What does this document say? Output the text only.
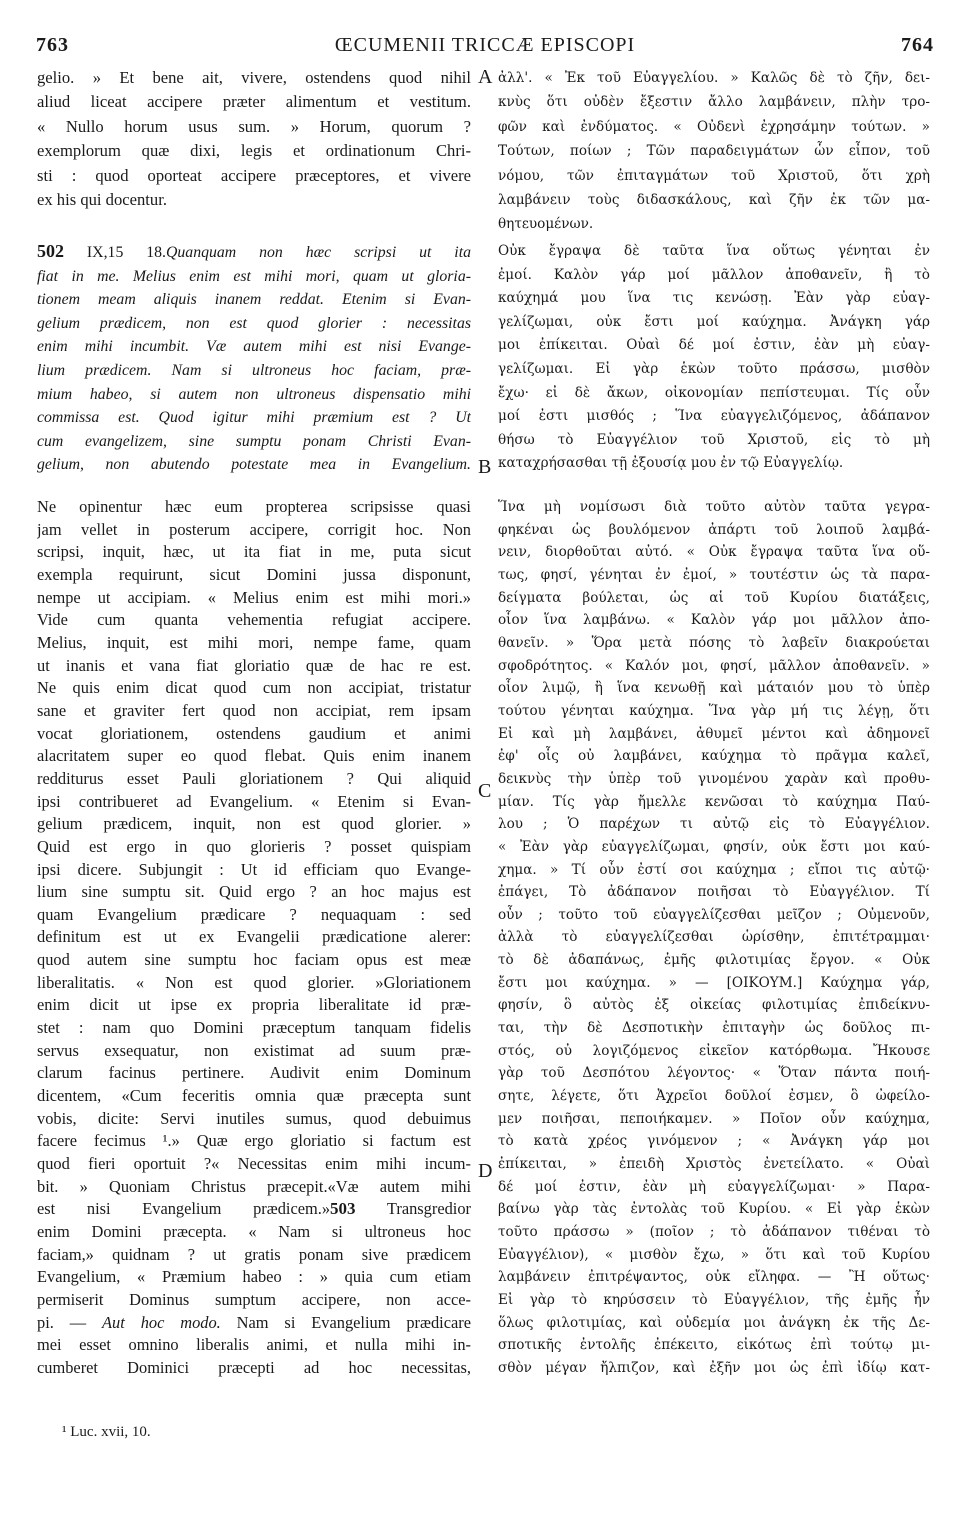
763	ŒCUMENII TRICCÆ EPISCOPI	764
gelio. » Et bene ait, vivere, ostendens quod nihil
aliud liceat accipere præter alimentum et vestitum.
« Nullo horum usus sum. » Horum, quorum ?
exemplorum quæ dixi, legis et ordinationum Chri-
sti : quod oporteat accipere præceptores, et vivere
ex his qui docentur.
502 IX,15 18.Quanquam non hæc scripsi ut ita
fiat in me. Melius enim est mihi mori, quam ut gloria-
tionem meam aliquis inanem reddat. Etenim si Evan-
gelium prædicem, non est quod glorier : necessitas
enim mihi incumbit. Væ autem mihi est nisi Evange-
lium prædicem. Nam si ultroneus hoc faciam, præ-
mium habeo, si autem non ultroneus dispensatio mihi
commissa est. Quod igitur mihi præmium est ? Ut
cum evangelizem, sine sumptu ponam Christi Evan-
gelium, non abutendo potestate mea in Evangelium.
Ne opinentur hæc eum propterea scripsisse quasi
jam vellet in posterum accipere, corrigit hoc. Non
scripsi, inquit, hæc, ut ita fiat in me, puta sicut
exempla requirunt, sicut Domini jussa disponunt,
nempe ut accipiam. « Melius enim est mihi mori.»
Vide cum quanta vehementia refugiat accipere.
Melius, inquit, est mihi mori, nempe fame, quam
ut inanis et vana fiat gloriatio quæ de hac re est.
Ne quis enim dicat quod cum non accipiat, tristatur
sane et graviter fert quod non accipiat, rem ipsam
vocat gloriationem, ostendens gaudium et animi
alacritatem super eo quod flebat. Quis enim inanem
redditurus esset Pauli gloriationem ? Qui aliquid
ipsi contribueret ad Evangelium. « Etenim si Evan-
gelium prædicem, inquit, non est quod glorier. »
Quid est ergo in quo glorieris ? posset quispiam
ipsi dicere. Subjungit : Ut id efficiam quo Evange-
lium sine sumptu sit. Quid ergo ? an hoc majus est
quam Evangelium prædicare ? nequaquam : sed
definitum est ut ex Evangelii prædicatione alerer:
quod autem sine sumptu hoc faciam opus est meæ
liberalitatis. « Non est quod glorier. »Gloriationem
enim dicit ut ipse ex propria liberalitate id præ-
stet : nam quo Domini præceptum tanquam fidelis
servus exsequatur, non existimat ad suum præ-
clarum facinus pertinere. Audivit enim Dominum
dicentem, «Cum feceritis omnia quæ præcepta sunt
vobis, dicite: Servi inutiles sumus, quod debuimus
facere fecimus ¹.» Quæ ergo gloriatio si factum est
quod fieri oportuit ?« Necessitas enim mihi incum-
bit. » Quoniam Christus præcepit.«Væ autem mihi
est nisi Evangelium prædicem.»503 Transgredior
enim Domini præcepta. « Nam si ultroneus hoc
faciam,» quidnam ? ut gratis ponam sive prædicem
Evangelium, « Præmium habeo : » quia cum etiam
permiserit Dominus sumptum accipere, non acce-
pi. — Aut hoc modo. Nam si Evangelium prædicare
mei esset omnino liberalis animi, et nulla mihi in-
cumberet Dominici præcepti ad hoc necessitas,
ἀλλ'. « Ἐκ τοῦ Εὐαγγελίου. » Καλῶς δὲ τὸ ζῆν, δει-
κνὺς ὅτι οὐδὲν ἔξεστιν ἄλλο λαμβάνειν, πλὴν τρο-
φῶν καὶ ἐνδύματος. « Οὐδενὶ ἐχρησάμην τούτων. »
Τούτων, ποίων ; Τῶν παραδειγμάτων ὧν εἶπον, τοῦ
νόμου, τῶν ἐπιταγμάτων τοῦ Χριστοῦ, ὅτι χρὴ
λαμβάνειν τοὺς διδασκάλους, καὶ ζῆν ἐκ τῶν μα-
θητευομένων.
Οὐκ ἔγραψα δὲ ταῦτα ἵνα οὕτως γένηται ἐν
ἐμοί. Καλὸν γάρ μοί μᾶλλον ἀποθανεῖν, ἢ τὸ
καύχημά μου ἵνα τις κενώσῃ. Ἐὰν γὰρ εὐαγ-
γελίζωμαι, οὐκ ἔστι μοί καύχημα. Ἀνάγκη γάρ
μοι ἐπίκειται. Οὐαὶ δέ μοί ἐστιν, ἐὰν μὴ εὐαγ-
γελίζωμαι. Εἰ γὰρ ἑκὼν τοῦτο πράσσω, μισθὸν
ἔχω· εἰ δὲ ἄκων, οἰκονομίαν πεπίστευμαι. Τίς οὖν
μοί ἐστι μισθός ; Ἵνα εὐαγγελιζόμενος, ἀδάπανον
θήσω τὸ Εὐαγγέλιον τοῦ Χριστοῦ, εἰς τὸ μὴ
καταχρήσασθαι τῇ ἐξουσίᾳ μου ἐν τῷ Εὐαγγελίῳ.
Ἵνα μὴ νομίσωσι διὰ τοῦτο αὐτὸν ταῦτα γεγρα-
φηκέναι ὡς βουλόμενον ἀπάρτι τοῦ λοιποῦ λαμβά-
νειν, διορθοῦται αὐτό. « Οὐκ ἔγραψα ταῦτα ἵνα οὕ-
τως, φησί, γένηται ἐν ἐμοί, » τουτέστιν ὡς τὰ παρα-
δείγματα βούλεται, ὡς αἱ τοῦ Κυρίου διατάξεις,
οἷον ἵνα λαμβάνω. « Καλὸν γάρ μοι μᾶλλον ἀπο-
θανεῖν. » Ὅρα μετὰ πόσης τὸ λαβεῖν διακρούεται
σφοδρότητος. « Καλόν μοι, φησί, μᾶλλον ἀποθανεῖν. »
οἷον λιμῷ, ἢ ἵνα κενωθῇ καὶ μάταιόν μου τὸ ὑπὲρ
τούτου γένηται καύχημα. Ἵνα γὰρ μή τις λέγῃ, ὅτι
Εἰ καὶ μὴ λαμβάνει, ἀθυμεῖ μέντοι καὶ ἀδημονεῖ
ἐφ' οἷς οὐ λαμβάνει, καύχημα τὸ πρᾶγμα καλεῖ,
δεικνὺς τὴν ὑπὲρ τοῦ γινομένου χαρὰν καὶ προθυ-
μίαν. Τίς γὰρ ἤμελλε κενῶσαι τὸ καύχημα Παύ-
λου ; Ὁ παρέχων τι αὐτῷ εἰς τὸ Εὐαγγέλιον.
« Ἐὰν γὰρ εὐαγγελίζωμαι, φησίν, οὐκ ἔστι μοι καύ-
χημα. » Τί οὖν ἐστί σοι καύχημα ; εἴποι τις αὐτῷ·
ἐπάγει, Τὸ ἀδάπανον ποιῆσαι τὸ Εὐαγγέλιον. Τί
οὖν ; τοῦτο τοῦ εὐαγγελίζεσθαι μεῖζον ; Οὐμενοῦν,
ἀλλὰ τὸ εὐαγγελίζεσθαι ὡρίσθην, ἐπιτέτραμμαι·
τὸ δὲ ἀδαπάνως, ἐμῆς φιλοτιμίας ἔργον. « Οὐκ
ἔστι μοι καύχημα. » — [ΟΙΚΟΥΜ.] Καύχημα γάρ,
φησίν, ὃ αὐτὸς ἐξ οἰκείας φιλοτιμίας ἐπιδείκνυ-
ται, τὴν δὲ Δεσποτικὴν ἐπιταγὴν ὡς δοῦλος πι-
στός, οὐ λογιζόμενος εἰκεῖον κατόρθωμα. Ἤκουσε
γὰρ τοῦ Δεσπότου λέγοντος· « Ὅταν πάντα ποιή-
σητε, λέγετε, ὅτι Ἀχρεῖοι δοῦλοί ἐσμεν, ὃ ὠφείλο-
μεν ποιῆσαι, πεποιήκαμεν. » Ποῖον οὖν καύχημα,
τὸ κατὰ χρέος γινόμενον ; « Ἀνάγκη γάρ μοι
ἐπίκειται, » ἐπειδὴ Χριστὸς ἐνετείλατο. « Οὐαὶ
δέ μοί ἐστιν, ἐὰν μὴ εὐαγγελίζωμαι· » Παρα-
βαίνω γὰρ τὰς ἐντολὰς τοῦ Κυρίου. « Εἰ γὰρ ἑκὼν
τοῦτο πράσσω » (ποῖον ; τὸ ἀδάπανον τιθέναι τὸ
Εὐαγγέλιον), « μισθὸν ἔχω, » ὅτι καὶ τοῦ Κυρίου
λαμβάνειν ἐπιτρέψαντος, οὐκ εἴληφα. — Ἢ οὕτως·
Εἰ γὰρ τὸ κηρύσσειν τὸ Εὐαγγέλιον, τῆς ἐμῆς ἦν
ὅλως φιλοτιμίας, καὶ οὐδεμία μοι ἀνάγκη ἐκ τῆς Δε-
σποτικῆς ἐντολῆς ἐπέκειτο, εἰκότως ἐπὶ τούτῳ μι-
σθὸν μέγαν ἤλπιζον, καὶ ἐξῆν μοι ὡς ἐπὶ ἰδίῳ κατ-
A
B
C
D
¹ Luc. xvii, 10.
